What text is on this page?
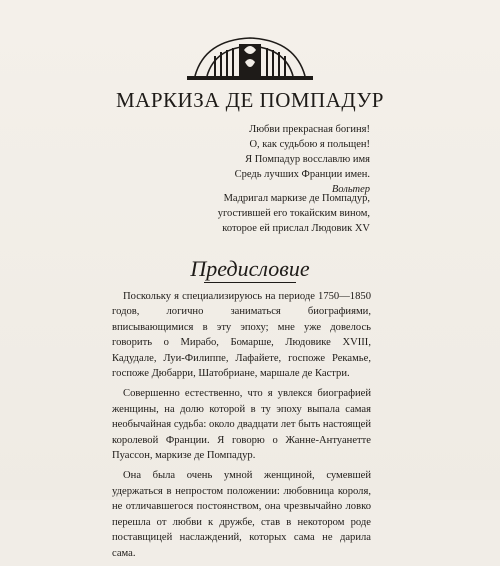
МАРКИЗА ДЕ ПОМПАДУР

Любви прекрасная богиня!

О, как судьбою я польщен!

Я Помпадур восславлю имя

Средь лучших Франции имен.

Вольтер

Мадригал маркизе де Помпадур,

угостившей его токайским вином,

которое ей прислал Людовик XV

Предисловие

Поскольку я специализируюсь на периоде 1750—1850 годов, логично заниматься биографиями, вписывающимися в эту эпоху; мне уже довелось говорить о Мирабо, Бомарше, Людовике XVIII, Кадудале, Луи-Филиппе, Лафайете, госпоже Рекамье, госпоже Дюбарри, Шатобриане, маршале де Кастри.

Совершенно естественно, что я увлекся биографией женщины, на долю которой в ту эпоху выпала самая необычайная судьба: около двадцати лет быть настоящей королевой Франции. Я говорю о Жанне-Антуанетте Пуассон, маркизе де Помпадур.

Она была очень умной женщиной, сумевшей удержаться в непростом положении: любовница короля, не отличавшегося постоянством, она чрезвычайно ловко перешла от любви к дружбе, став в некотором роде поставщицей наслаждений, которых сама не дарила сама.
